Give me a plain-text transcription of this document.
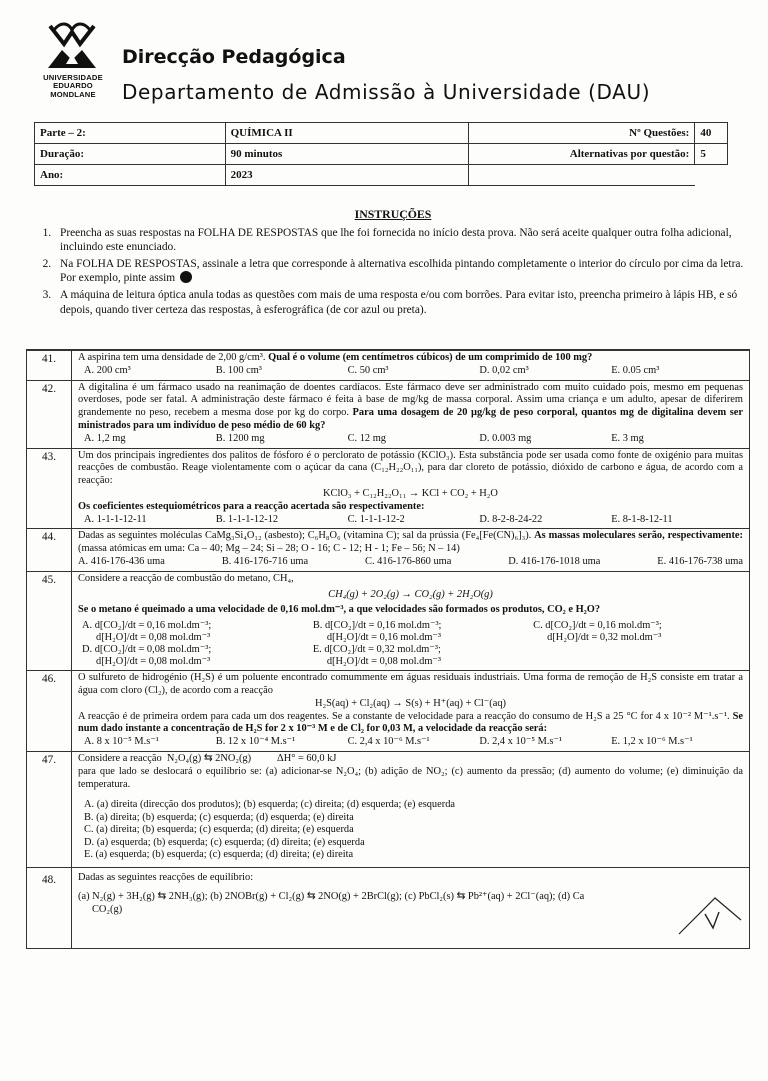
UNIVERSIDADE
EDUARDO
MONDLANE
Direcção Pedagógica
Departamento de Admissão à Universidade (DAU)
Parte – 2:	QUÍMICA II	Nº Questões:	40
Duração:	90 minutos	Alternativas por questão:	5
Ano:	2023		
INSTRUÇÕES
1. Preencha as suas respostas na FOLHA DE RESPOSTAS que lhe foi fornecida no início desta prova. Não será aceite qualquer outra folha adicional, incluindo este enunciado.
2. Na FOLHA DE RESPOSTAS, assinale a letra que corresponde à alternativa escolhida pintando completamente o interior do círculo por cima da letra. Por exemplo, pinte assim
3. A máquina de leitura óptica anula todas as questões com mais de uma resposta e/ou com borrões. Para evitar isto, preencha primeiro à lápis HB, e só depois, quando tiver certeza das respostas, à esferográfica (de cor azul ou preta).
41.	A aspirina tem uma densidade de 2,00 g/cm³. Qual é o volume (em centímetros cúbicos) de um comprimido de 100 mg?
A. 200 cm³	B. 100 cm³	C. 50 cm³	D. 0,02 cm³	E. 0.05 cm³
42.	A digitalina é um fármaco usado na reanimação de doentes cardíacos. Este fármaco deve ser administrado com muito cuidado pois, mesmo em pequenas overdoses, pode ser fatal. A administração deste fármaco é feita à base de mg/kg de massa corporal. Assim uma criança e um adulto, apesar de diferirem grandemente no peso, recebem a mesma dose por kg do corpo. Para uma dosagem de 20 µg/kg de peso corporal, quantos mg de digitalina devem ser ministrados para um indivíduo de peso médio de 60 kg?
A. 1,2 mg	B. 1200 mg	C. 12 mg	D. 0.003 mg	E. 3 mg
43.	Um dos principais ingredientes dos palitos de fósforo é o perclorato de potássio (KClO₃). Esta substância pode ser usada como fonte de oxigénio para muitas reacções de combustão. Reage violentamente com o açúcar da cana (C₁₂H₂₂O₁₁), para dar cloreto de potássio, dióxido de carbono e água, de acordo com a reacção:
KClO₃ + C₁₂H₂₂O₁₁ → KCl + CO₂ + H₂O
Os coeficientes estequiométricos para a reacção acertada são respectivamente:
A. 1-1-1-12-11	B. 1-1-1-12-12	C. 1-1-1-12-2	D. 8-2-8-24-22	E. 8-1-8-12-11
44.	Dadas as seguintes moléculas CaMg₃Si₄O₁₂ (asbesto); C₆H₈O₆ (vitamina C); sal da prússia (Fe₄[Fe(CN)₆]₃). As massas moleculares serão, respectivamente: (massa atómicas em uma: Ca – 40; Mg – 24; Si – 28; O - 16; C - 12; H - 1; Fe – 56; N – 14)
A. 416-176-436 uma	B. 416-176-716 uma	C. 416-176-860 uma	D. 416-176-1018 uma	E. 416-176-738 uma
45.	Considere a reacção de combustão do metano, CH₄,
CH₄(g) + 2O₂(g) → CO₂(g) + 2H₂O(g)
Se o metano é queimado a uma velocidade de 0,16 mol.dm⁻³, a que velocidades são formados os produtos, CO₂ e H₂O?
A. d[CO₂]/dt = 0,16 mol.dm⁻³;	B. d[CO₂]/dt = 0,16 mol.dm⁻³;	C. d[CO₂]/dt = 0,16 mol.dm⁻³;
d[H₂O]/dt = 0,08 mol.dm⁻³	d[H₂O]/dt = 0,16 mol.dm⁻³	d[H₂O]/dt = 0,32 mol.dm⁻³
D. d[CO₂]/dt = 0,08 mol.dm⁻³;	E. d[CO₂]/dt = 0,32 mol.dm⁻³;
d[H₂O]/dt = 0,08 mol.dm⁻³	d[H₂O]/dt = 0,08 mol.dm⁻³
46.	O sulfureto de hidrogénio (H₂S) é um poluente encontrado comummente em águas residuais industriais. Uma forma de remoção de H₂S consiste em tratar a água com cloro (Cl₂), de acordo com a reacção
H₂S(aq) + Cl₂(aq) → S(s) + H⁺(aq) + Cl⁻(aq)
A reacção é de primeira ordem para cada um dos reagentes. Se a constante de velocidade para a reacção do consumo de H₂S a 25 °C for 4 x 10⁻² M⁻¹.s⁻¹. Se num dado instante a concentração de H₂S for 2 x 10⁻³ M e de Cl₂ for 0,03 M, a velocidade da reacção será:
A. 8 x 10⁻⁵ M.s⁻¹	B. 12 x 10⁻⁴ M.s⁻¹	C. 2,4 x 10⁻⁶ M.s⁻¹	D. 2,4 x 10⁻⁵ M.s⁻¹	E. 1,2 x 10⁻⁶ M.s⁻¹
47.	Considere a reacção  N₂O₄(g) ⇆ 2NO₂(g)          ΔH° = 60,0 kJ
para que lado se deslocará o equilíbrio se: (a) adicionar-se N₂O₄; (b) adição de NO₂; (c) aumento da pressão; (d) aumento do volume; (e) diminuição da temperatura.
A. (a) direita (direcção dos produtos); (b) esquerda; (c) direita; (d) esquerda; (e) esquerda
B. (a) direita; (b) esquerda; (c) esquerda; (d) esquerda; (e) direita
C. (a) direita; (b) esquerda; (c) esquerda; (d) direita; (e) esquerda
D. (a) esquerda; (b) esquerda; (c) esquerda; (d) direita; (e) esquerda
E. (a) esquerda; (b) esquerda; (c) esquerda; (d) direita; (e) direita
48.	Dadas as seguintes reacções de equilíbrio:
(a) N₂(g) + 3H₂(g) ⇆ 2NH₃(g); (b) 2NOBr(g) + Cl₂(g) ⇆ 2NO(g) + 2BrCl(g); (c) PbCl₂(s) ⇆ Pb²⁺(aq) + 2Cl⁻(aq); (d) Ca
CO₂(g)
